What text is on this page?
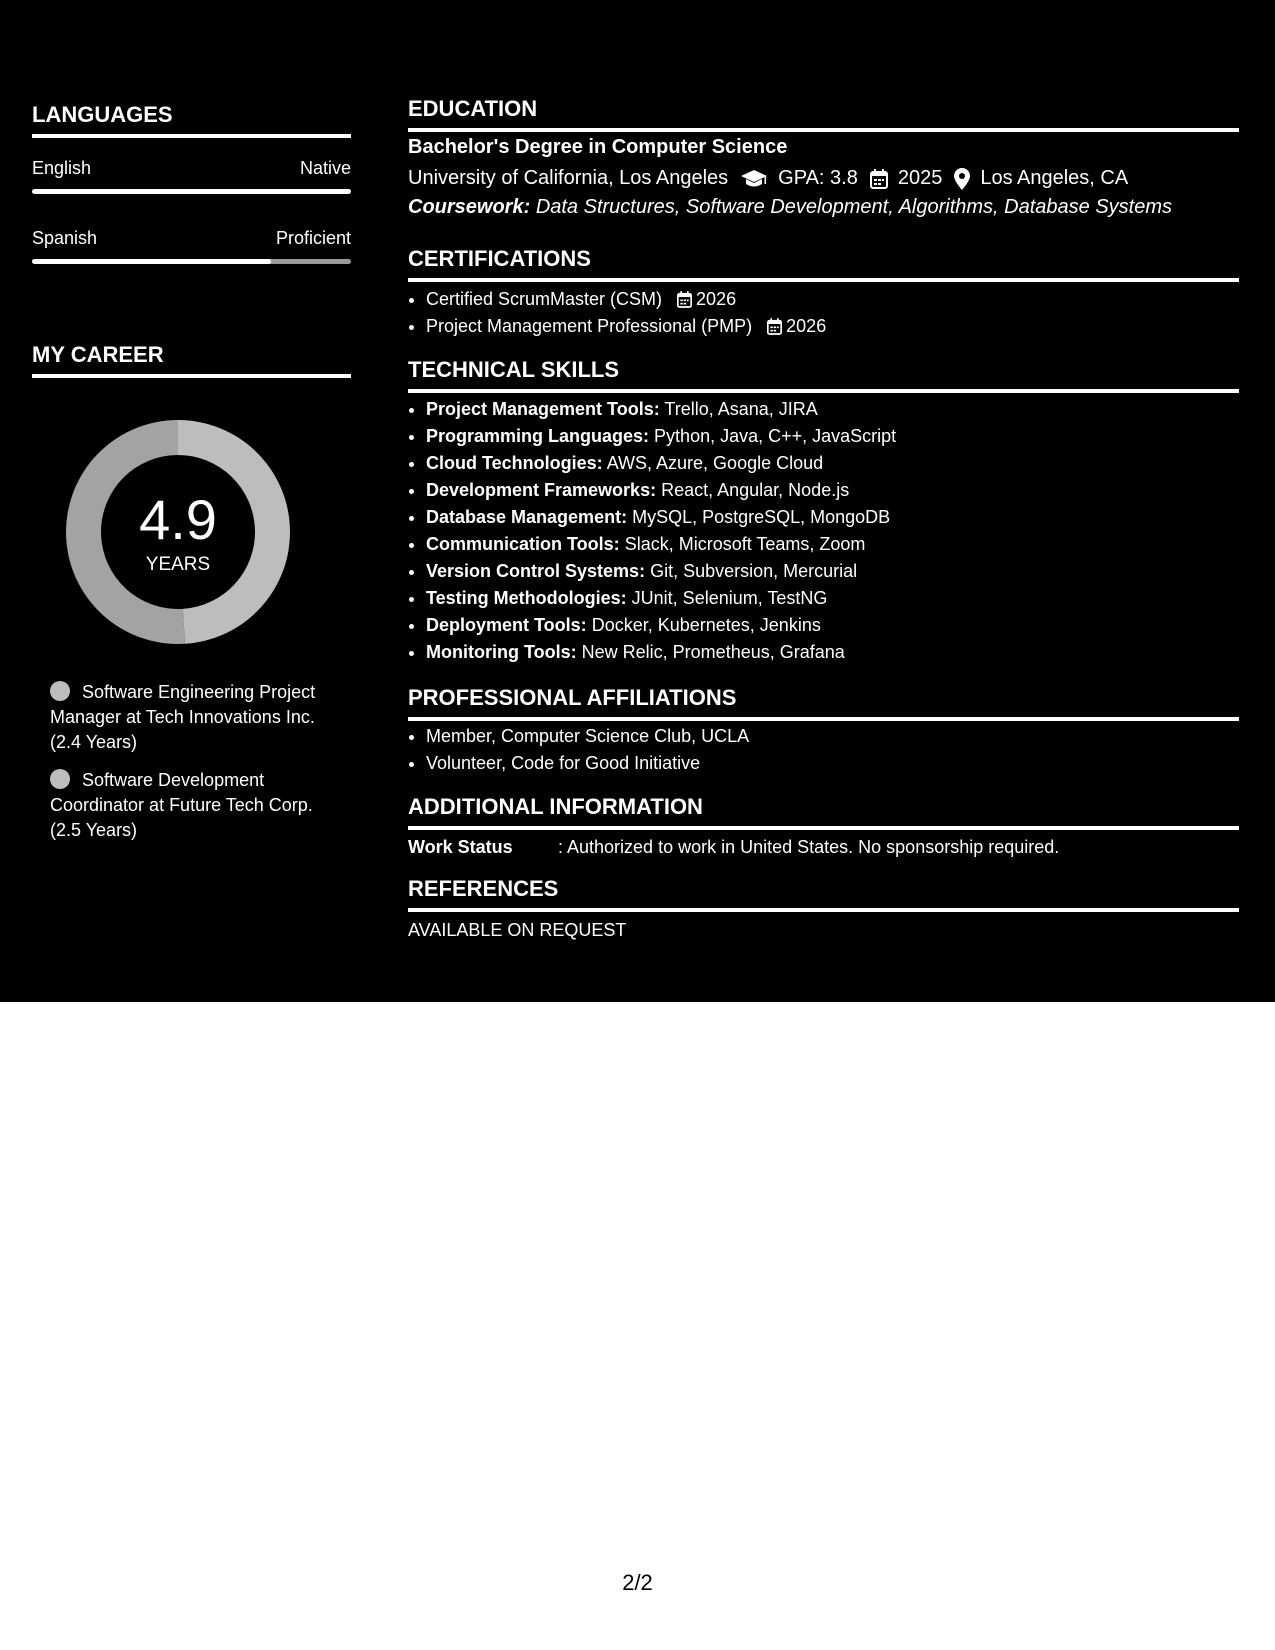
LANGUAGES
English	Native
Spanish	Proficient
MY CAREER
4.9
YEARS
Software Engineering Project Manager at Tech Innovations Inc. (2.4 Years)
Software Development Coordinator at Future Tech Corp. (2.5 Years)
EDUCATION
Bachelor's Degree in Computer Science
University of California, Los Angeles	GPA: 3.8 2025 Los Angeles, CA
Coursework: Data Structures, Software Development, Algorithms, Database Systems
CERTIFICATIONS
• Certified ScrumMaster (CSM) 2026
• Project Management Professional (PMP) 2026
TECHNICAL SKILLS
• Project Management Tools: Trello, Asana, JIRA
• Programming Languages: Python, Java, C++, JavaScript
• Cloud Technologies: AWS, Azure, Google Cloud
• Development Frameworks: React, Angular, Node.js
• Database Management: MySQL, PostgreSQL, MongoDB
• Communication Tools: Slack, Microsoft Teams, Zoom
• Version Control Systems: Git, Subversion, Mercurial
• Testing Methodologies: JUnit, Selenium, TestNG
• Deployment Tools: Docker, Kubernetes, Jenkins
• Monitoring Tools: New Relic, Prometheus, Grafana
PROFESSIONAL AFFILIATIONS
• Member, Computer Science Club, UCLA
• Volunteer, Code for Good Initiative
ADDITIONAL INFORMATION
Work Status	: Authorized to work in United States. No sponsorship required.
REFERENCES
AVAILABLE ON REQUEST
2/2
